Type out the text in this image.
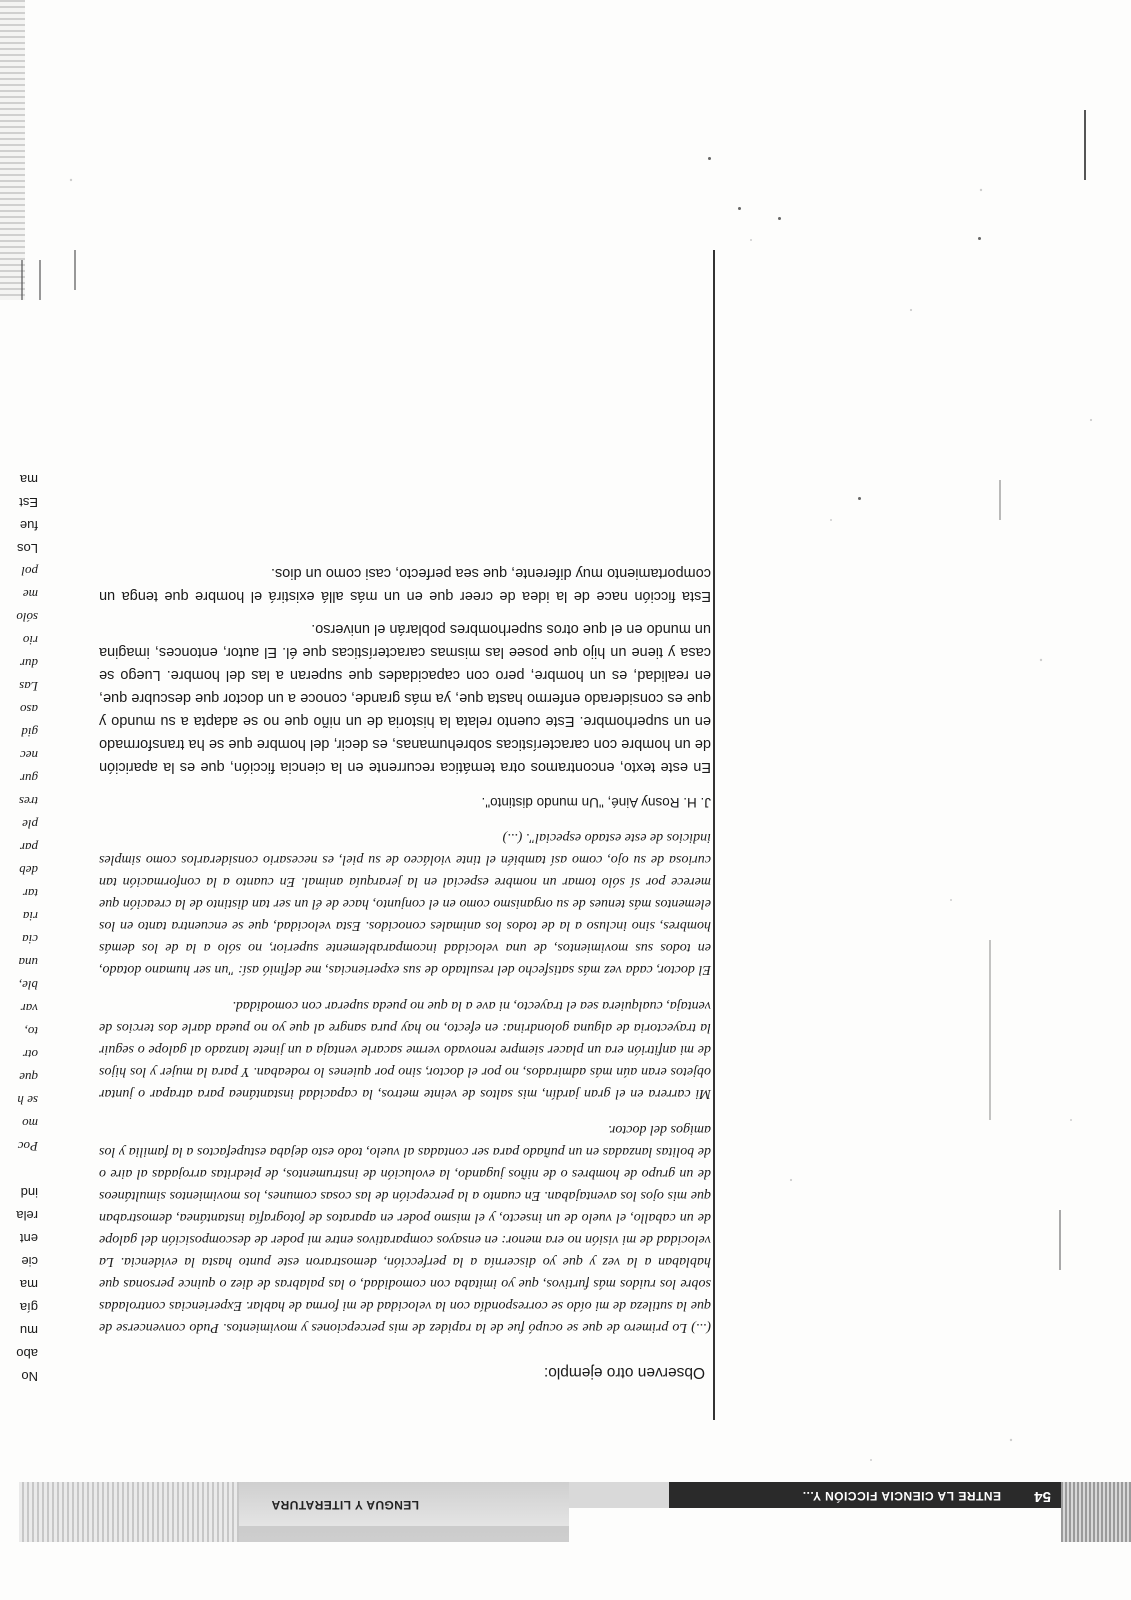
54
ENTRE LA CIENCIA FICCIÓN Y...
LENGUA Y LITERATURA

Observen otro ejemplo:

(...) Lo primero de que se ocupó fue de la rapidez de mis percepciones y movimientos. Pudo convencerse de que la sutileza de mi oído se correspondía con la velocidad de mi forma de hablar. Experiencias controladas sobre los ruidos más furtivos, que yo imitaba con comodidad, o las palabras de diez o quince personas que hablaban a la vez y que yo discernía a la perfección, demostraron este punto hasta la evidencia. La velocidad de mi visión no era menor: en ensayos comparativos entre mi poder de descomposición del galope de un caballo, el vuelo de un insecto, y el mismo poder en aparatos de fotografía instantánea, demostraban que mis ojos los aventajaban. En cuanto a la percepción de las cosas comunes, los movimientos simultáneos de un grupo de hombres o de niños jugando, la evolución de instrumentos, de piedritas arrojadas al aire o de bolitas lanzadas en un puñado para ser contadas al vuelo, todo esto dejaba estupefactos a la familia y los amigos del doctor.

Mi carrera en el gran jardín, mis saltos de veinte metros, la capacidad instantánea para atrapar o juntar objetos eran aún más admirados, no por el doctor, sino por quienes lo rodeaban. Y para la mujer y los hijos de mi anfitrión era un placer siempre renovado verme sacarle ventaja a un jinete lanzado al galope o seguir la trayectoria de alguna golondrina: en efecto, no hay pura sangre al que yo no pueda darle dos tercios de ventaja, cualquiera sea el trayecto, ni ave a la que no pueda superar con comodidad.

El doctor, cada vez más satisfecho del resultado de sus experiencias, me definió así: "un ser humano dotado, en todos sus movimientos, de una velocidad incomparablemente superior, no sólo a la de los demás hombres, sino incluso a la de todos los animales conocidos. Esta velocidad, que se encuentra tanto en los elementos más tenues de su organismo como en el conjunto, hace de él un ser tan distinto de la creación que merece por sí sólo tomar un nombre especial en la jerarquía animal. En cuanto a la conformación tan curiosa de su ojo, como así también el tinte violáceo de su piel, es necesario considerarlos como simples indicios de este estado especial". (...)

J. H. Rosny Ainé, "Un mundo distinto".

En este texto, encontramos otra temática recurrente en la ciencia ficción, que es la aparición de un hombre con características sobrehumanas, es decir, del hombre que se ha transformado en un superhombre. Este cuento relata la historia de un niño que no se adapta a su mundo y que es considerado enfermo hasta que, ya más grande, conoce a un doctor que descubre que, en realidad, es un hombre, pero con capacidades que superan a las del hombre. Luego se casa y tiene un hijo que posee las mismas características que él. El autor, entonces, imagina un mundo en el que otros superhombres poblarán el universo.

Esta ficción nace de la idea de creer que en un más allá existirá el hombre que tenga un comportamiento muy diferente, que sea perfecto, casi como un dios.

No
abo
mu
gía
ma
cie
ent
rela
ind
Poc
mo
se h
que
otr
to,
var
ble,
una
cia
ria
tar
deb
par
ple
tres
gur
nec
gid
aso
Las
dur
rio
sólo
me
pol
Los
fue
Est
ma
